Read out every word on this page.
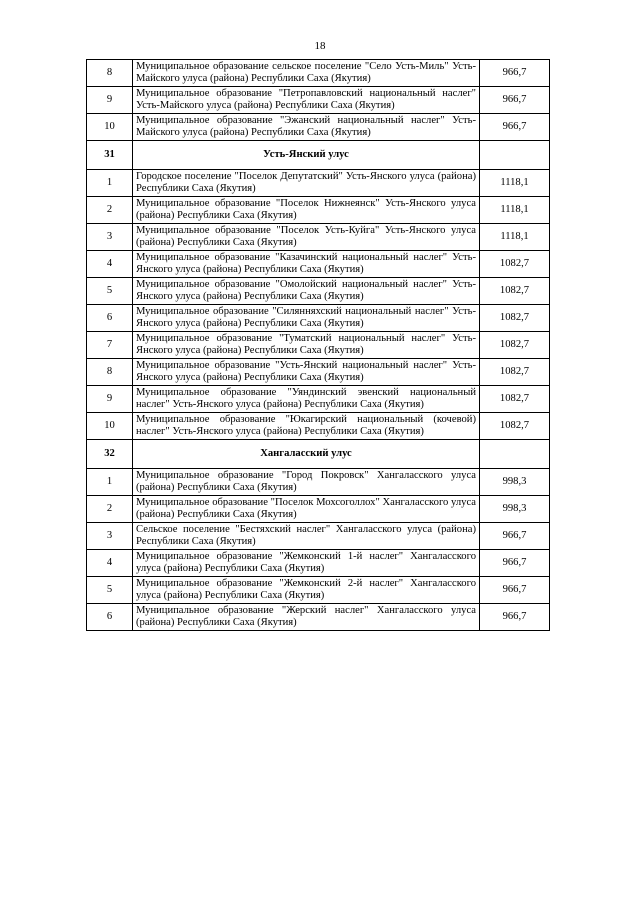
18
8	Муниципальное образование сельское поселение "Село Усть-Миль" Усть-Майского улуса (района) Республики Саха (Якутия)	966,7
9	Муниципальное образование "Петропавловский национальный наслег" Усть-Майского улуса (района) Республики Саха (Якутия)	966,7
10	Муниципальное образование "Эжанский национальный наслег" Усть-Майского улуса (района) Республики Саха (Якутия)	966,7
31	Усть-Янский улус	
1	Городское поселение "Поселок Депутатский" Усть-Янского улуса (района) Республики Саха (Якутия)	1118,1
2	Муниципальное образование "Поселок Нижнеянск" Усть-Янского улуса (района) Республики Саха (Якутия)	1118,1
3	Муниципальное образование "Поселок Усть-Куйга" Усть-Янского улуса (района) Республики Саха (Якутия)	1118,1
4	Муниципальное образование "Казачинский национальный наслег" Усть-Янского улуса (района) Республики Саха (Якутия)	1082,7
5	Муниципальное образование "Омолойский национальный наслег" Усть-Янского улуса (района) Республики Саха (Якутия)	1082,7
6	Муниципальное образование "Силянняхский национальный наслег" Усть-Янского улуса (района) Республики Саха (Якутия)	1082,7
7	Муниципальное образование "Туматский национальный наслег" Усть-Янского улуса (района) Республики Саха (Якутия)	1082,7
8	Муниципальное образование "Усть-Янский национальный наслег" Усть-Янского улуса (района) Республики Саха (Якутия)	1082,7
9	Муниципальное образование "Уяндинский эвенский национальный наслег" Усть-Янского улуса (района) Республики Саха (Якутия)	1082,7
10	Муниципальное образование "Юкагирский национальный (кочевой) наслег" Усть-Янского улуса (района) Республики Саха (Якутия)	1082,7
32	Хангаласский улус	
1	Муниципальное образование "Город Покровск" Хангаласского улуса (района) Республики Саха (Якутия)	998,3
2	Муниципальное образование "Поселок Мохсоголлох" Хангаласского улуса (района) Республики Саха (Якутия)	998,3
3	Сельское поселение "Бестяхский наслег" Хангаласского улуса (района) Республики Саха (Якутия)	966,7
4	Муниципальное образование "Жемконский 1-й наслег" Хангаласского улуса (района) Республики Саха (Якутия)	966,7
5	Муниципальное образование "Жемконский 2-й наслег" Хангаласского улуса (района) Республики Саха (Якутия)	966,7
6	Муниципальное образование "Жерский наслег" Хангаласского улуса (района) Республики Саха (Якутия)	966,7
